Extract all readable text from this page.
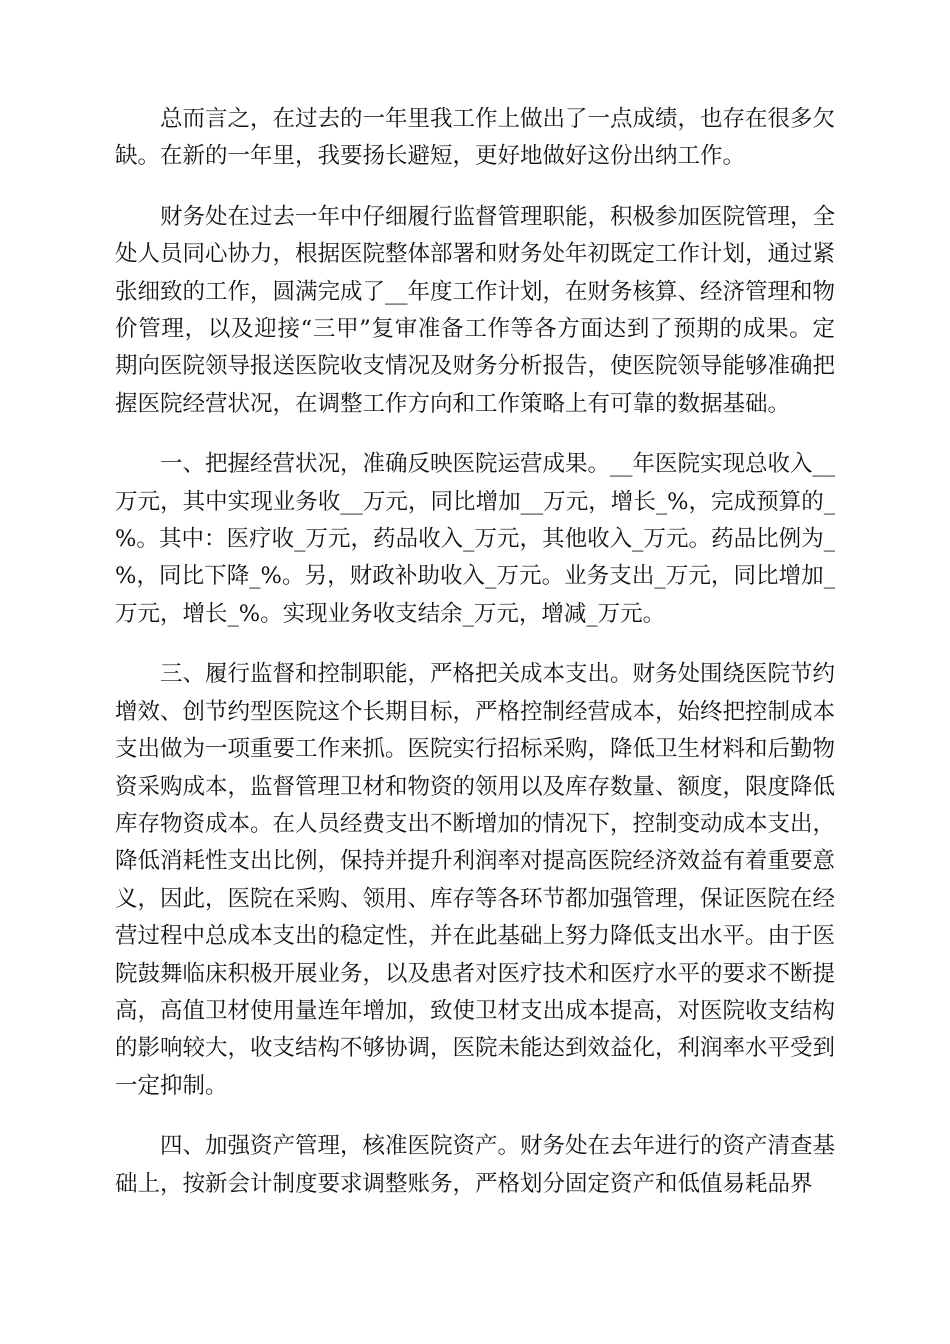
总而言之，在过去的一年里我工作上做出了一点成绩，也存在很多欠缺。在新的一年里，我要扬长避短，更好地做好这份出纳工作。

财务处在过去一年中仔细履行监督管理职能，积极参加医院管理，全处人员同心协力，根据医院整体部署和财务处年初既定工作计划，通过紧张细致的工作，圆满完成了__年度工作计划，在财务核算、经济管理和物价管理，以及迎接“三甲”复审准备工作等各方面达到了预期的成果。定期向医院领导报送医院收支情况及财务分析报告，使医院领导能够准确把握医院经营状况，在调整工作方向和工作策略上有可靠的数据基础。

一、把握经营状况，准确反映医院运营成果。__年医院实现总收入__万元，其中实现业务收__万元，同比增加__万元，增长_%，完成预算的_%。其中：医疗收_万元，药品收入_万元，其他收入_万元。药品比例为_%，同比下降_%。另，财政补助收入_万元。业务支出_万元，同比增加_万元，增长_%。实现业务收支结余_万元，增减_万元。

三、履行监督和控制职能，严格把关成本支出。财务处围绕医院节约增效、创节约型医院这个长期目标，严格控制经营成本，始终把控制成本支出做为一项重要工作来抓。医院实行招标采购，降低卫生材料和后勤物资采购成本，监督管理卫材和物资的领用以及库存数量、额度，限度降低库存物资成本。在人员经费支出不断增加的情况下，控制变动成本支出，降低消耗性支出比例，保持并提升利润率对提高医院经济效益有着重要意义，因此，医院在采购、领用、库存等各环节都加强管理，保证医院在经营过程中总成本支出的稳定性，并在此基础上努力降低支出水平。由于医院鼓舞临床积极开展业务，以及患者对医疗技术和医疗水平的要求不断提高，高值卫材使用量连年增加，致使卫材支出成本提高，对医院收支结构的影响较大，收支结构不够协调，医院未能达到效益化，利润率水平受到一定抑制。

四、加强资产管理，核准医院资产。财务处在去年进行的资产清查基础上，按新会计制度要求调整账务，严格划分固定资产和低值易耗品界
